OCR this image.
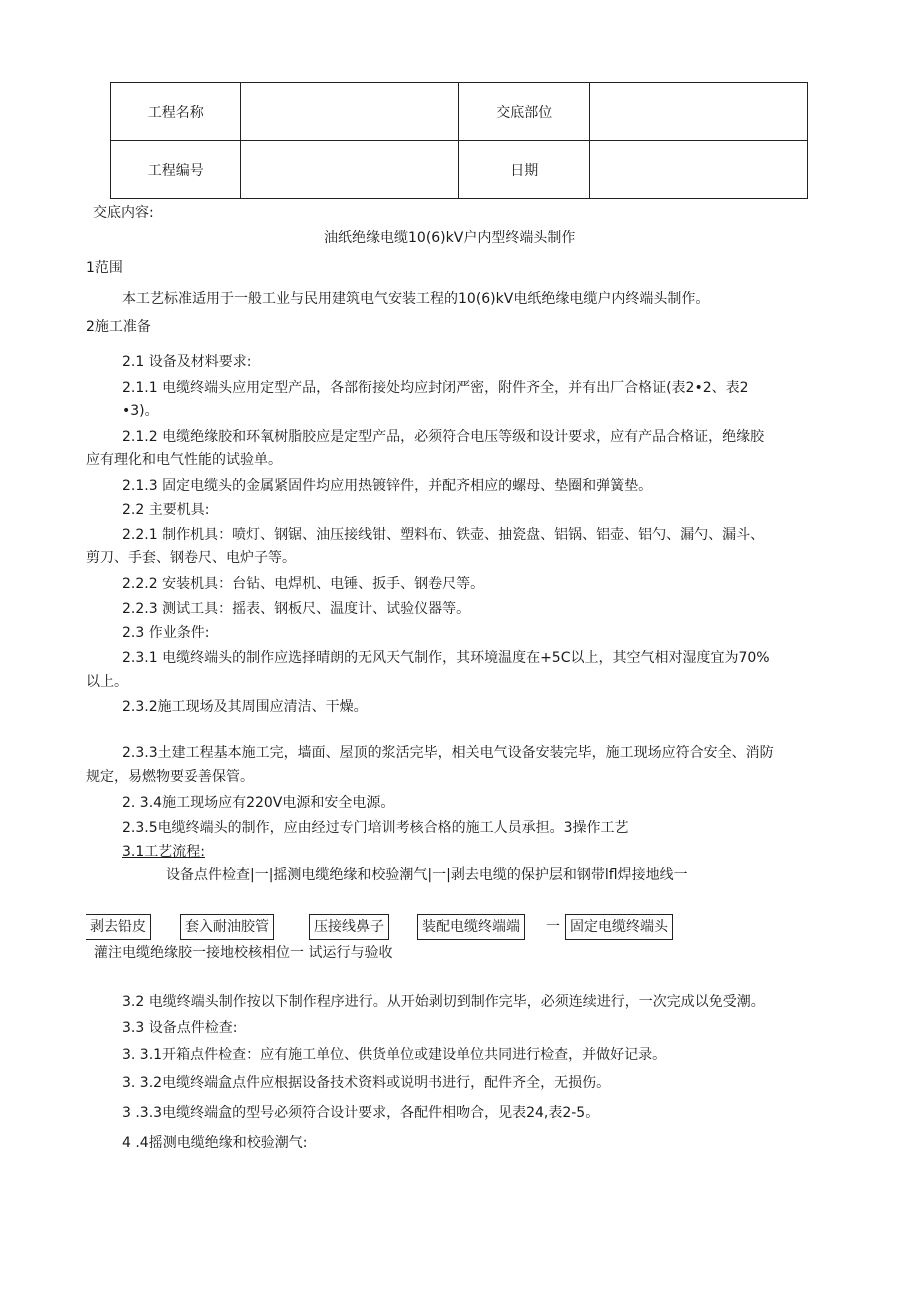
工程名称		交底部位	
工程编号		日期	
交底内容:
油纸绝缘电缆10(6)kV户内型终端头制作
1范围
本工艺标准适用于一般工业与民用建筑电气安装工程的10(6)kV电纸绝缘电缆户内终端头制作。
2施工准备
2.1 设备及材料要求:
2.1.1 电缆终端头应用定型产品，各部衔接处均应封闭严密，附件齐全，并有出厂合格证(表2•2、表2
•3)。
2.1.2 电缆绝缘胶和环氧树脂胶应是定型产品，必须符合电压等级和设计要求，应有产品合格证，绝缘胶
应有理化和电气性能的试验单。
2.1.3 固定电缆头的金属紧固件均应用热镀锌件，并配齐相应的螺母、垫圈和弹簧垫。
2.2 主要机具:
2.2.1 制作机具：喷灯、钢锯、油压接线钳、塑料布、铁壶、抽瓷盘、铝锅、铝壶、铝勺、漏勺、漏斗、
剪刀、手套、钢卷尺、电炉子等。
2.2.2 安装机具：台钻、电焊机、电锤、扳手、钢卷尺等。
2.2.3 测试工具：摇表、钢板尺、温度计、试验仪器等。
2.3 作业条件:
2.3.1 电缆终端头的制作应选择晴朗的无风天气制作，其环境温度在+5C以上，其空气相对湿度宜为70%
以上。
2.3.2施工现场及其周围应清洁、干燥。
2.3.3土建工程基本施工完，墙面、屋顶的浆活完毕，相关电气设备安装完毕，施工现场应符合安全、消防
规定，易燃物要妥善保管。
2. 3.4施工现场应有220V电源和安全电源。
2.3.5电缆终端头的制作，应由经过专门培训考核合格的施工人员承担。3操作工艺
3.1工艺流程:
设备点件检查|一|摇测电缆绝缘和校验潮气|一|剥去电缆的保护层和钢带lfl焊接地线一
剥去铅皮	套入耐油胶管	压接线鼻子	装配电缆终端端	一 固定电缆终端头
灌注电缆绝缘胶一接地校核相位一 试运行与验收
3.2 电缆终端头制作按以下制作程序进行。从开始剥切到制作完毕，必须连续进行，一次完成以免受潮。
3.3 设备点件检查:
3. 3.1开箱点件检查：应有施工单位、供货单位或建设单位共同进行检查，并做好记录。
3. 3.2电缆终端盒点件应根据设备技术资料或说明书进行，配件齐全，无损伤。
3 .3.3电缆终端盒的型号必须符合设计要求，各配件相吻合，见表24,表2-5。
4 .4摇测电缆绝缘和校验潮气:
